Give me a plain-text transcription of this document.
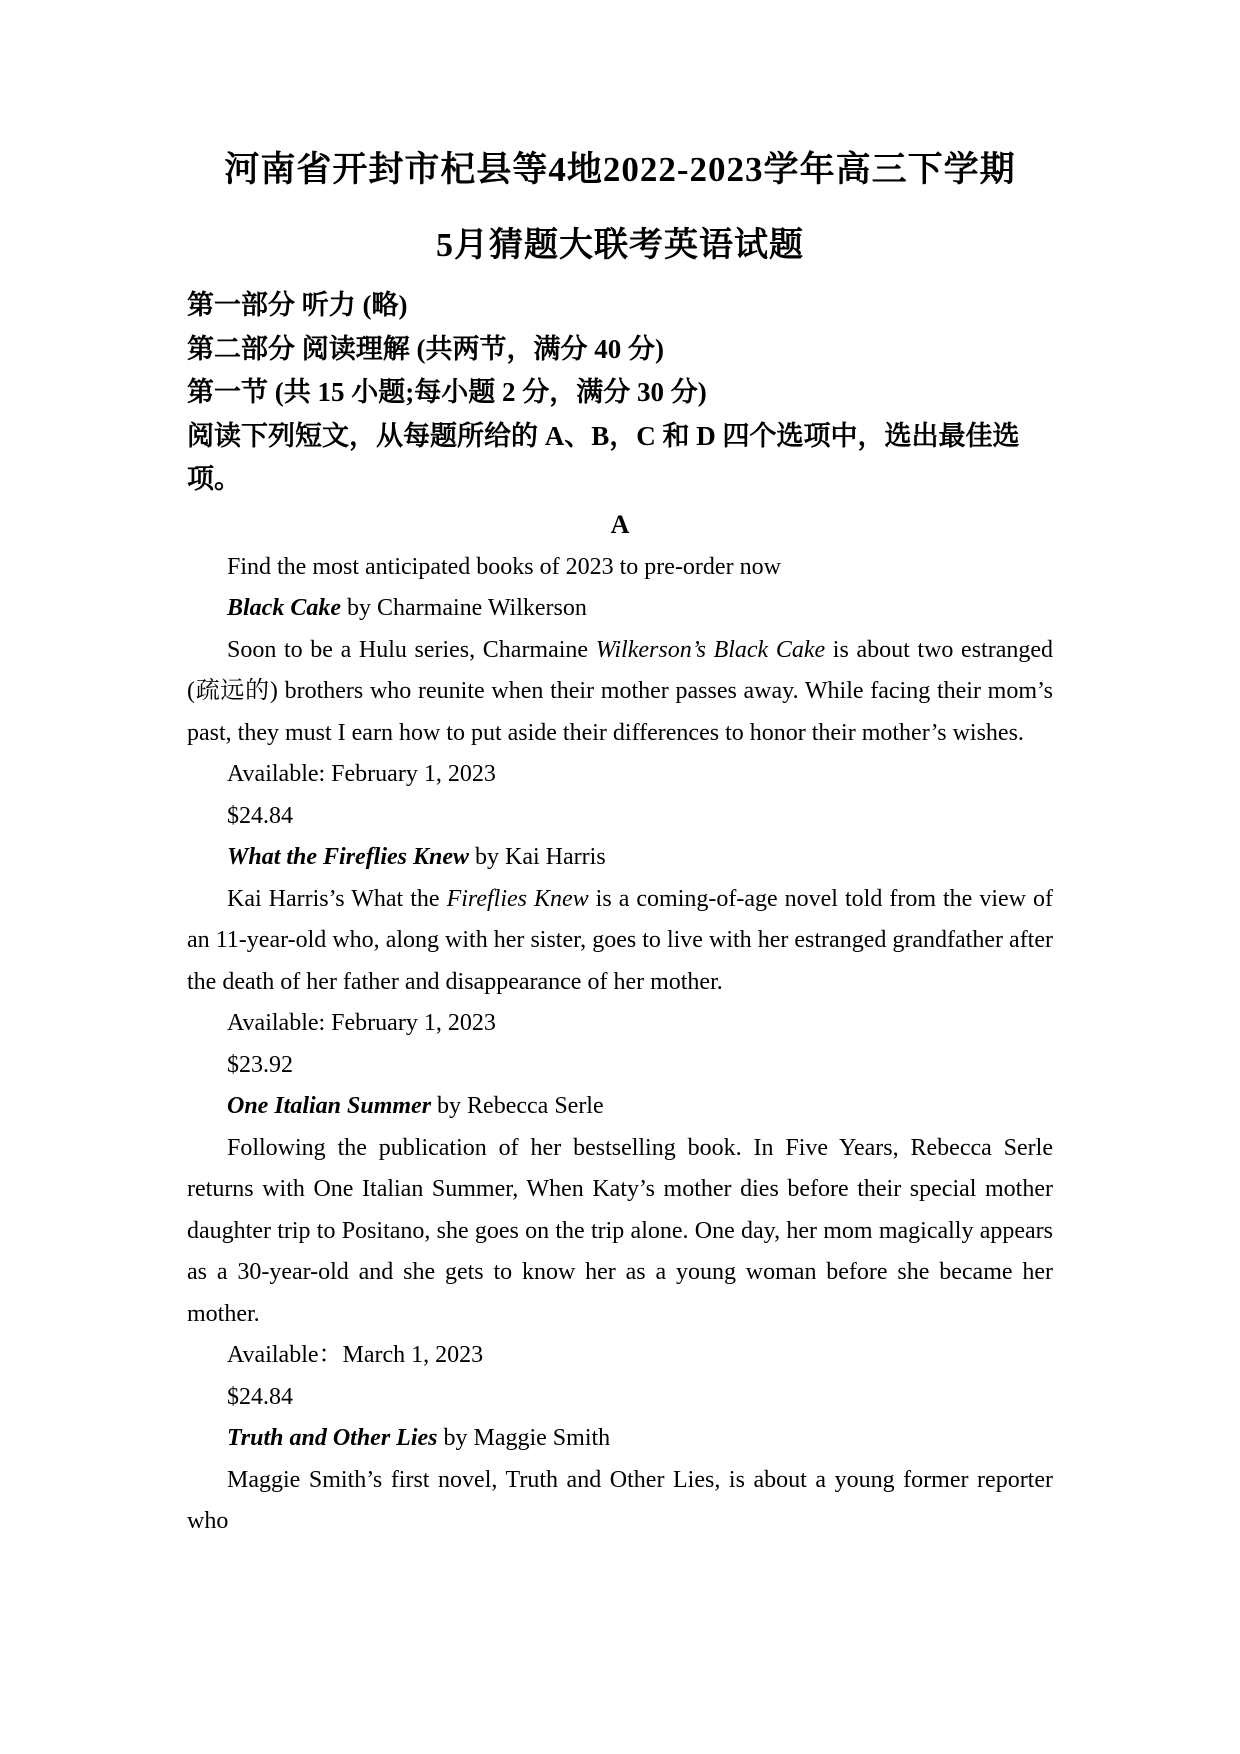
河南省开封市杞县等4地2022-2023学年高三下学期
5月猜题大联考英语试题
第一部分 听力 (略)
第二部分 阅读理解 (共两节，满分 40 分)
第一节 (共 15 小题;每小题 2 分，满分 30 分)
阅读下列短文，从每题所给的 A、B，C 和 D 四个选项中，选出最佳选项。
A

Find the most anticipated books of 2023 to pre-order now

Black Cake by Charmaine Wilkerson

Soon to be a Hulu series, Charmaine Wilkerson’s Black Cake is about two estranged (疏远的) brothers who reunite when their mother passes away. While facing their mom’s past, they must I earn how to put aside their differences to honor their mother’s wishes.

Available: February 1, 2023

$24.84

What the Fireflies Knew by Kai Harris

Kai Harris’s What the Fireflies Knew is a coming-of-age novel told from the view of an 11-year-old who, along with her sister, goes to live with her estranged grandfather after the death of her father and disappearance of her mother.

Available: February 1, 2023

$23.92

One Italian Summer by Rebecca Serle

Following the publication of her bestselling book. In Five Years, Rebecca Serle returns with One Italian Summer, When Katy’s mother dies before their special mother daughter trip to Positano, she goes on the trip alone. One day, her mom magically appears as a 30-year-old and she gets to know her as a young woman before she became her mother.

Available：March 1, 2023

$24.84

Truth and Other Lies by Maggie Smith

Maggie Smith’s first novel, Truth and Other Lies, is about a young former reporter who
